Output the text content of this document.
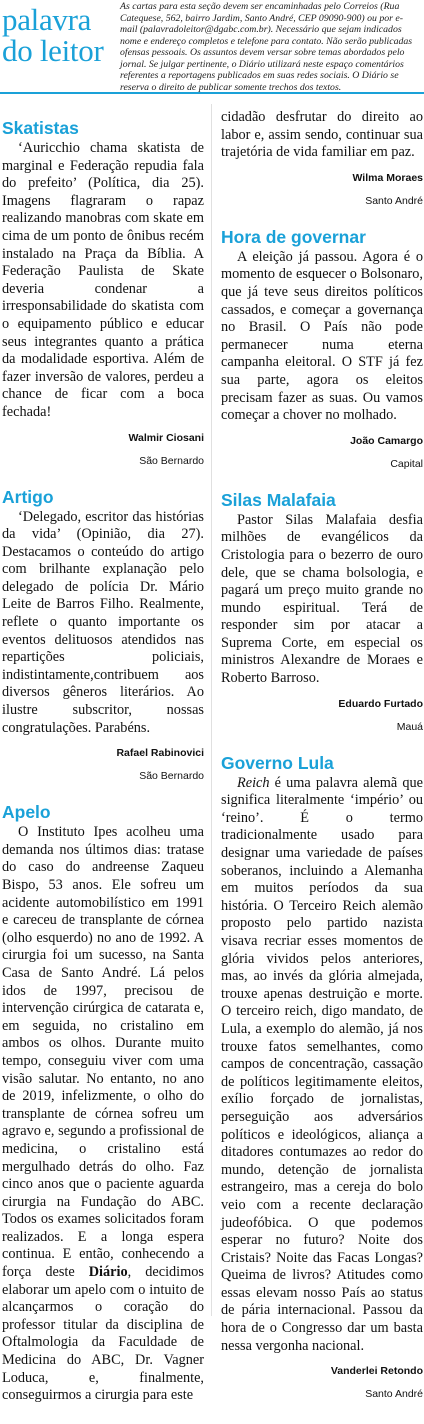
palavra
do leitor
As cartas para esta seção devem ser encaminhadas pelo Correios (Rua Catequese, 562, bairro Jardim, Santo André, CEP 09090-900) ou por e-mail (palavradoleitor@dgabc.com.br). Necessário que sejam indicados nome e endereço completos e telefone para contato. Não serão publicadas ofensas pessoais. Os assuntos devem versar sobre temas abordados pelo jornal. Se julgar pertinente, o Diário utilizará neste espaço comentários referentes a reportagens publicados em suas redes sociais. O Diário se reserva o direito de publicar somente trechos dos textos.
Skatistas

‘Auricchio chama skatista de marginal e Federação repudia fala do prefeito’ (Política, dia 25). Imagens flagraram o rapaz realizando manobras com skate em cima de um ponto de ônibus recém instalado na Praça da Bíblia. A Federação Paulista de Skate deveria condenar a irresponsabilidade do skatista com o equipamento público e educar seus integrantes quanto a prática da modalidade esportiva. Além de fazer inversão de valores, perdeu a chance de ficar com a boca fechada!

Walmir Ciosani
São Bernardo
Artigo

‘Delegado, escritor das histórias da vida’ (Opinião, dia 27). Destacamos o conteúdo do artigo com brilhante explanação pelo delegado de polícia Dr. Mário Leite de Barros Filho. Realmente, reflete o quanto importante os eventos delituosos atendidos nas repartições policiais, indistintamente,contribuem aos diversos gêneros literários. Ao ilustre subscritor, nossas congratulações. Parabéns.

Rafael Rabinovici
São Bernardo
Apelo

O Instituto Ipes acolheu uma demanda nos últimos dias: tratase do caso do andreense Zaqueu Bispo, 53 anos. Ele sofreu um acidente automobilístico em 1991 e careceu de transplante de córnea (olho esquerdo) no ano de 1992. A cirurgia foi um sucesso, na Santa Casa de Santo André. Lá pelos idos de 1997, precisou de intervenção cirúrgica de catarata e, em seguida, no cristalino em ambos os olhos. Durante muito tempo, conseguiu viver com uma visão salutar. No entanto, no ano de 2019, infelizmente, o olho do transplante de córnea sofreu um agravo e, segundo a profissional de medicina, o cristalino está mergulhado detrás do olho. Faz cinco anos que o paciente aguarda cirurgia na Fundação do ABC. Todos os exames solicitados foram realizados. E a longa espera continua. E então, conhecendo a força deste Diário, decidimos elaborar um apelo com o intuito de alcançarmos o coração do professor titular da disciplina de Oftalmologia da Faculdade de Medicina do ABC, Dr. Vagner Loduca, e, finalmente, conseguirmos a cirurgia para este

cidadão desfrutar do direito ao labor e, assim sendo, continuar sua trajetória de vida familiar em paz.

Wilma Moraes
Santo André
Hora de governar

A eleição já passou. Agora é o momento de esquecer o Bolsonaro, que já teve seus direitos políticos cassados, e começar a governança no Brasil. O País não pode permanecer numa eterna campanha eleitoral. O STF já fez sua parte, agora os eleitos precisam fazer as suas. Ou vamos começar a chover no molhado.

João Camargo
Capital
Silas Malafaia

Pastor Silas Malafaia desfia milhões de evangélicos da Cristologia para o bezerro de ouro dele, que se chama bolsologia, e pagará um preço muito grande no mundo espiritual. Terá de responder sim por atacar a Suprema Corte, em especial os ministros Alexandre de Moraes e Roberto Barroso.

Eduardo Furtado
Mauá
Governo Lula

Reich é uma palavra alemã que significa literalmente ‘império’ ou ‘reino’. É o termo tradicionalmente usado para designar uma variedade de países soberanos, incluindo a Alemanha em muitos períodos da sua história. O Terceiro Reich alemão proposto pelo partido nazista visava recriar esses momentos de glória vividos pelos anteriores, mas, ao invés da glória almejada, trouxe apenas destruição e morte. O terceiro reich, digo mandato, de Lula, a exemplo do alemão, já nos trouxe fatos semelhantes, como campos de concentração, cassação de políticos legitimamente eleitos, exílio forçado de jornalistas, perseguição aos adversários políticos e ideológicos, aliança a ditadores contumazes ao redor do mundo, detenção de jornalista estrangeiro, mas a cereja do bolo veio com a recente declaração judeofóbica. O que podemos esperar no futuro? Noite dos Cristais? Noite das Facas Longas? Queima de livros? Atitudes como essas elevam nosso País ao status de pária internacional. Passou da hora de o Congresso dar um basta nessa vergonha nacional.

Vanderlei Retondo
Santo André
